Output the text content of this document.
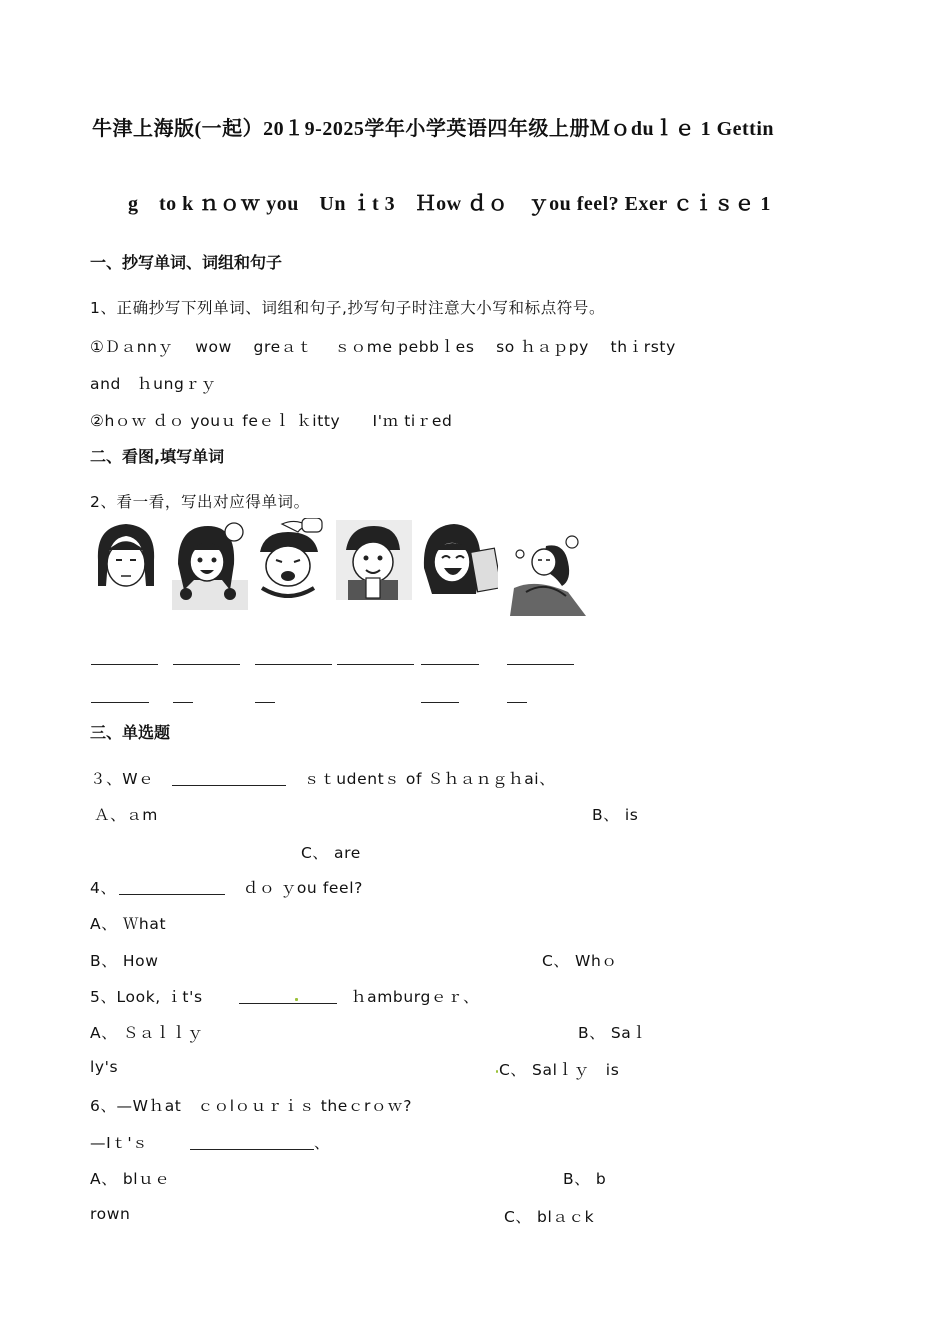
牛津上海版(一起）20１9-2025学年小学英语四年级上册Ｍｏduｌｅ 1 Gettin
g　to k ｎｏｗ you　Un ｉt 3　Ｈow ｄｏ　ｙou feel? Exer ｃｉｓｅ 1
一、抄写单词、词组和句子
1、正确抄写下列单词、词组和句子,抄写句子时注意大小写和标点符号。
①Ｄａnnｙ　 wow　 greａｔ　 ｓｏme pebbｌes　 so ｈａｐpy　 thｉrsty
and　ｈungｒｙ
②hｏｗ ｄｏ youｕ feｅｌ ｋitty　　I'ｍ tiｒed
二、看图,填写单词
2、看一看，写出对应得单词。
三、单选题
３、Wｅ	ｓｔudentｓ of Ｓｈａｎｇｈai、
Ａ、ａm	B、 is
C、 are
4、	ｄｏ ｙou feel?
A、 Ｗhat
B、 How	C、 Whｏ
5、Look, ｉt's	ｈamburgｅｒ、
A、 Ｓａｌｌｙ	B、 Saｌ
ly's	C、 Salｌｙ　is
6、—Wｈat　ｃｏlｏｕｒｉｓ theｃrｏｗ?
—Iｔ'ｓ	、
A、 blｕｅ	B、 b
rown	C、 blａｃk
